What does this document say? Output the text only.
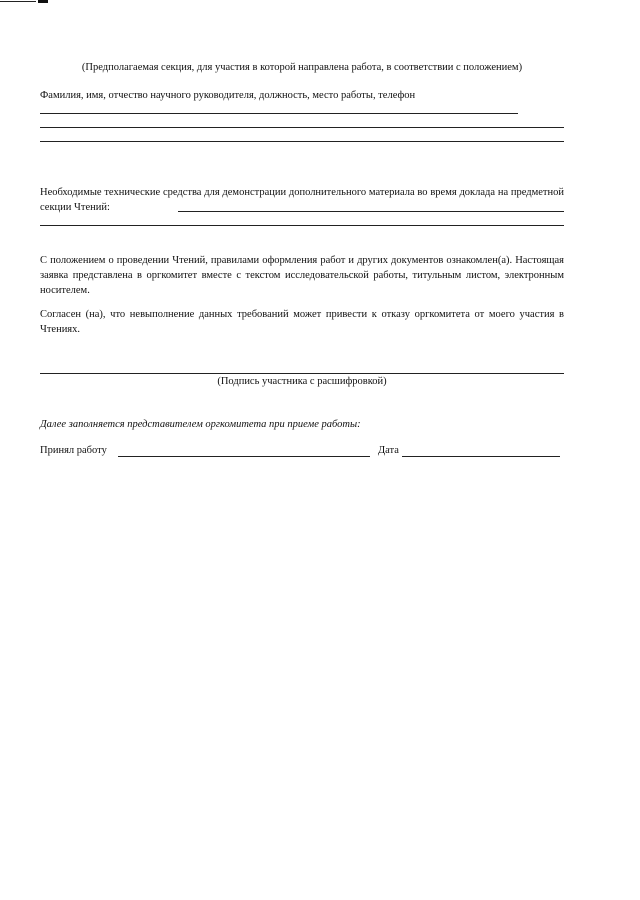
(Предполагаемая секция, для участия в которой направлена работа, в соответствии с положением)
Фамилия, имя, отчество научного руководителя, должность, место работы, телефон
Необходимые технические средства для демонстрации дополнительного материала во время доклада на предметной секции Чтений:
С положением о проведении Чтений, правилами оформления работ и других документов ознакомлен(а). Настоящая заявка представлена в оргкомитет вместе с текстом исследовательской работы, титульным листом, электронным носителем.
Согласен (на), что невыполнение данных требований может привести к отказу оргкомитета от моего участия в Чтениях.
(Подпись участника с расшифровкой)
Далее заполняется представителем оргкомитета при приеме работы:
Принял работу	Дата
